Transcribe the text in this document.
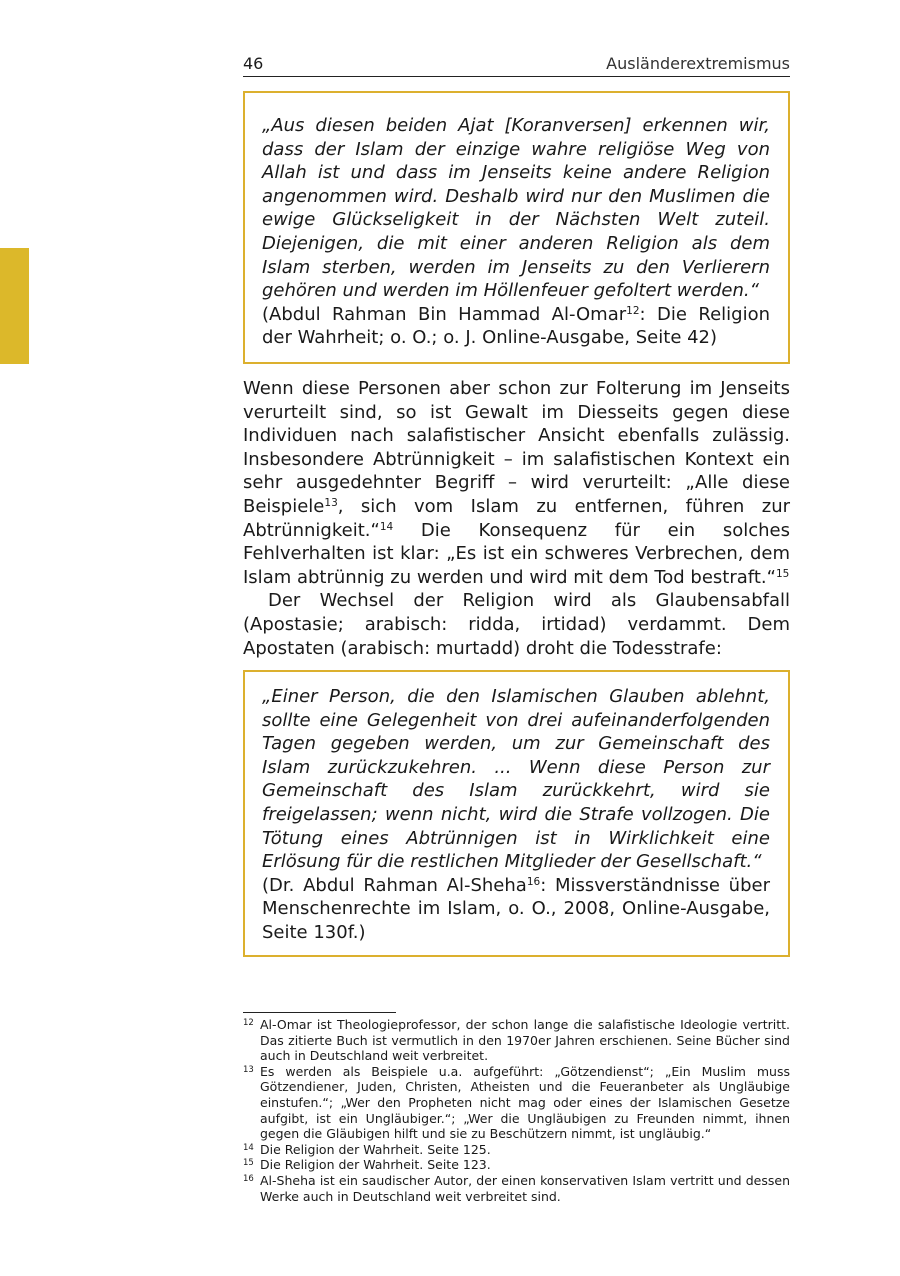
46	Ausländerextremismus

„Aus diesen beiden Ajat [Koranversen] erkennen wir, dass der Islam der einzige wahre religiöse Weg von Allah ist und dass im Jenseits keine andere Religion angenommen wird. Deshalb wird nur den Muslimen die ewige Glückseligkeit in der Nächsten Welt zuteil. Diejenigen, die mit einer anderen Religion als dem Islam sterben, werden im Jenseits zu den Verlierern gehören und werden im Höllenfeuer gefoltert werden.“

(Abdul Rahman Bin Hammad Al-Omar$^{12}$: Die Religion der Wahrheit; o. O.; o. J. Online-Ausgabe, Seite 42)

Wenn diese Personen aber schon zur Folterung im Jenseits verurteilt sind, so ist Gewalt im Diesseits gegen diese Individuen nach salafistischer Ansicht ebenfalls zulässig. Insbesondere Abtrünnigkeit – im salafistischen Kontext ein sehr ausgedehnter Begriff – wird verurteilt: „Alle diese Beispiele$^{13}$, sich vom Islam zu entfernen, führen zur Abtrünnigkeit.“$^{14}$ Die Konsequenz für ein solches Fehlverhalten ist klar: „Es ist ein schweres Verbrechen, dem Islam abtrünnig zu werden und wird mit dem Tod bestraft.“$^{15}$

Der Wechsel der Religion wird als Glaubensabfall (Apostasie; arabisch: ridda, irtidad) verdammt. Dem Apostaten (arabisch: murtadd) droht die Todesstrafe:

„Einer Person, die den Islamischen Glauben ablehnt, sollte eine Gelegenheit von drei aufeinanderfolgenden Tagen gegeben werden, um zur Gemeinschaft des Islam zurückzukehren. ... Wenn diese Person zur Gemeinschaft des Islam zurückkehrt, wird sie freigelassen; wenn nicht, wird die Strafe vollzogen. Die Tötung eines Abtrünnigen ist in Wirklichkeit eine Erlösung für die restlichen Mitglieder der Gesellschaft.“

(Dr. Abdul Rahman Al-Sheha$^{16}$: Missverständnisse über Menschenrechte im Islam, o. O., 2008, Online-Ausgabe, Seite 130f.)

12 Al-Omar ist Theologieprofessor, der schon lange die salafistische Ideologie vertritt. Das zitierte Buch ist vermutlich in den 1970er Jahren erschienen. Seine Bücher sind auch in Deutschland weit verbreitet.

13 Es werden als Beispiele u.a. aufgeführt: „Götzendienst“; „Ein Muslim muss Götzendiener, Juden, Christen, Atheisten und die Feueranbeter als Ungläubige einstufen.“; „Wer den Propheten nicht mag oder eines der Islamischen Gesetze aufgibt, ist ein Ungläubiger.“; „Wer die Ungläubigen zu Freunden nimmt, ihnen gegen die Gläubigen hilft und sie zu Beschützern nimmt, ist ungläubig.“

14 Die Religion der Wahrheit. Seite 125.

15 Die Religion der Wahrheit. Seite 123.

16 Al-Sheha ist ein saudischer Autor, der einen konservativen Islam vertritt und dessen Werke auch in Deutschland weit verbreitet sind.
